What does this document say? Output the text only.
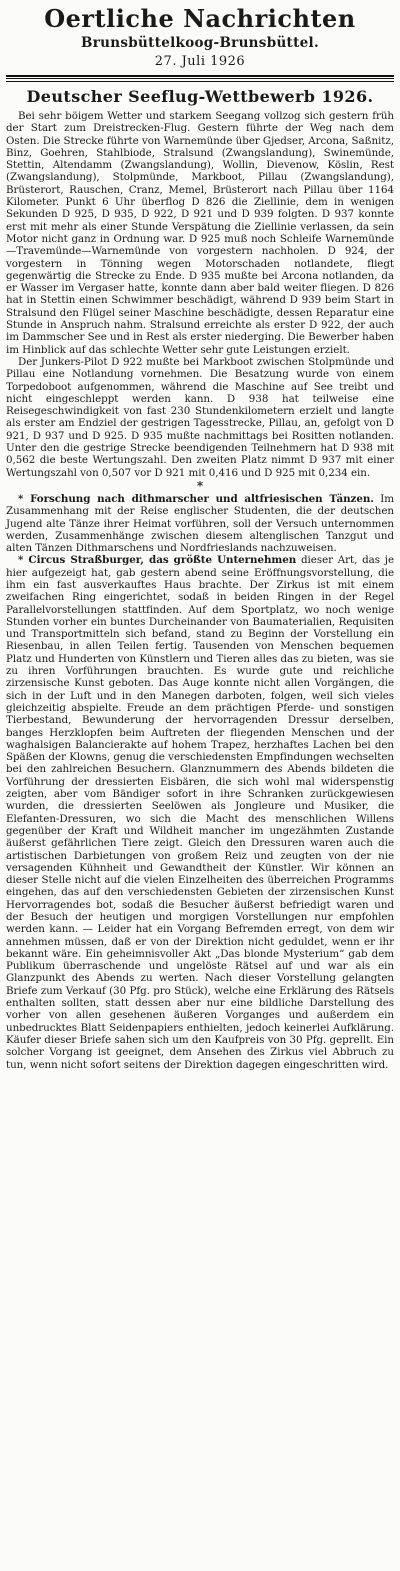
Oertliche Nachrichten
Brunsbüttelkoog-Brunsbüttel.
27. Juli 1926
Deutscher Seeflug-Wettbewerb 1926.

Bei sehr böigem Wetter und starkem Seegang vollzog sich gestern früh der Start zum Dreistrecken-Flug. Gestern führte der Weg nach dem Osten. Die Strecke führte von Warnemünde über Gjedser, Arcona, Saßnitz, Binz, Goehren, Stahlbiode, Stralsund (Zwangslandung), Swinemünde, Stettin, Altendamm (Zwangslandung), Wollin, Dievenow, Köslin, Rest (Zwangslandung), Stolpmünde, Markboot, Pillau (Zwangslandung), Brüsterort, Rauschen, Cranz, Memel, Brüsterort nach Pillau über 1164 Kilometer. Punkt 6 Uhr überflog D 826 die Ziellinie, dem in wenigen Sekunden D 925, D 935, D 922, D 921 und D 939 folgten. D 937 konnte erst mit mehr als einer Stunde Verspätung die Ziellinie verlassen, da sein Motor nicht ganz in Ordnung war. D 925 muß noch Schleife Warnemünde—Travemünde—Warnemünde von vorgestern nachholen. D 924, der vorgestern in Tönning wegen Motorschaden notlandete, fliegt gegenwärtig die Strecke zu Ende. D 935 mußte bei Arcona notlanden, da er Wasser im Vergaser hatte, konnte dann aber bald weiter fliegen. D 826 hat in Stettin einen Schwimmer beschädigt, während D 939 beim Start in Stralsund den Flügel seiner Maschine beschädigte, dessen Reparatur eine Stunde in Anspruch nahm. Stralsund erreichte als erster D 922, der auch im Dammscher See und in Rest als erster niederging. Die Bewerber haben im Hinblick auf das schlechte Wetter sehr gute Leistungen erzielt.

Der Junkers-Pilot D 922 mußte bei Markboot zwischen Stolpmünde und Pillau eine Notlandung vornehmen. Die Besatzung wurde von einem Torpedoboot aufgenommen, während die Maschine auf See treibt und nicht eingeschleppt werden kann. D 938 hat teilweise eine Reisegeschwindigkeit von fast 230 Stundenkilometern erzielt und langte als erster am Endziel der gestrigen Tagesstrecke, Pillau, an, gefolgt von D 921, D 937 und D 925. D 935 mußte nachmittags bei Rositten notlanden. Unter den die gestrige Strecke beendigenden Teilnehmern hat D 938 mit 0,562 die beste Wertungszahl. Den zweiten Platz nimmt D 937 mit einer Wertungszahl von 0,507 vor D 921 mit 0,416 und D 925 mit 0,234 ein.

*

* Forschung nach dithmarscher und altfriesischen Tänzen. Im Zusammenhang mit der Reise englischer Studenten, die der deutschen Jugend alte Tänze ihrer Heimat vorführen, soll der Versuch unternommen werden, Zusammenhänge zwischen diesem altenglischen Tanzgut und alten Tänzen Dithmarschens und Nordfrieslands nachzuweisen.

* Circus Straßburger, das größte Unternehmen dieser Art, das je hier aufgezeigt hat, gab gestern abend seine Eröffnungsvorstellung, die ihm ein fast ausverkauftes Haus brachte. Der Zirkus ist mit einem zweifachen Ring eingerichtet, sodaß in beiden Ringen in der Regel Parallelvorstellungen stattfinden. Auf dem Sportplatz, wo noch wenige Stunden vorher ein buntes Durcheinander von Baumaterialien, Requisiten und Transportmitteln sich befand, stand zu Beginn der Vorstellung ein Riesenbau, in allen Teilen fertig. Tausenden von Menschen bequemen Platz und Hunderten von Künstlern und Tieren alles das zu bieten, was sie zu ihren Vorführungen brauchten. Es wurde gute und reichliche zirzensische Kunst geboten. Das Auge konnte nicht allen Vorgängen, die sich in der Luft und in den Manegen darboten, folgen, weil sich vieles gleichzeitig abspielte. Freude an dem prächtigen Pferde- und sonstigen Tierbestand, Bewunderung der hervorragenden Dressur derselben, banges Herzklopfen beim Auftreten der fliegenden Menschen und der waghalsigen Balancierakte auf hohem Trapez, herzhaftes Lachen bei den Späßen der Klowns, genug die verschiedensten Empfindungen wechselten bei den zahlreichen Besuchern. Glanznummern des Abends bildeten die Vorführung der dressierten Eisbären, die sich wohl mal widerspenstig zeigten, aber vom Bändiger sofort in ihre Schranken zurückgewiesen wurden, die dressierten Seelöwen als Jongleure und Musiker, die Elefanten-Dressuren, wo sich die Macht des menschlichen Willens gegenüber der Kraft und Wildheit mancher im ungezähmten Zustande äußerst gefährlichen Tiere zeigt. Gleich den Dressuren waren auch die artistischen Darbietungen von großem Reiz und zeugten von der nie versagenden Kühnheit und Gewandtheit der Künstler. Wir können an dieser Stelle nicht auf die vielen Einzelheiten des überreichen Programms eingehen, das auf den verschiedensten Gebieten der zirzensischen Kunst Hervorragendes bot, sodaß die Besucher äußerst befriedigt waren und der Besuch der heutigen und morgigen Vorstellungen nur empfohlen werden kann. — Leider hat ein Vorgang Befremden erregt, von dem wir annehmen müssen, daß er von der Direktion nicht geduldet, wenn er ihr bekannt wäre. Ein geheimnisvoller Akt „Das blonde Mysterium“ gab dem Publikum überraschende und ungelöste Rätsel auf und war als ein Glanzpunkt des Abends zu werten. Nach dieser Vorstellung gelangten Briefe zum Verkauf (30 Pfg. pro Stück), welche eine Erklärung des Rätsels enthalten sollten, statt dessen aber nur eine bildliche Darstellung des vorher von allen gesehenen äußeren Vorganges und außerdem ein unbedrucktes Blatt Seidenpapiers enthielten, jedoch keinerlei Aufklärung. Käufer dieser Briefe sahen sich um den Kaufpreis von 30 Pfg. geprellt. Ein solcher Vorgang ist geeignet, dem Ansehen des Zirkus viel Abbruch zu tun, wenn nicht sofort seitens der Direktion dagegen eingeschritten wird.
